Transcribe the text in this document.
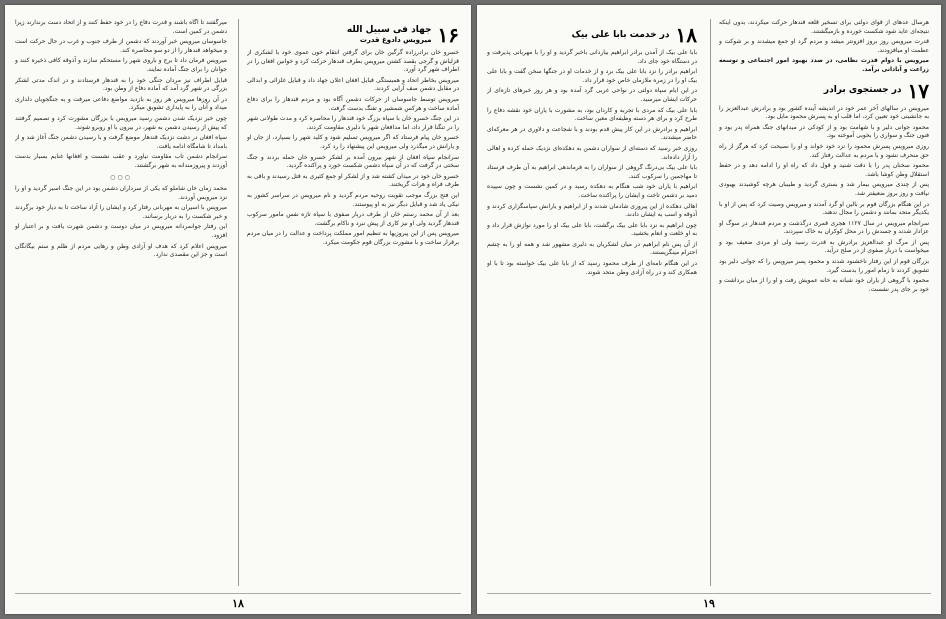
۱۶
جهاد فی سبیل الله
میرویس دادوغ قدرت

خسرو خان برادرزاده گرگین خان برای گرفتن انتقام خون عموی خود با لشکری از قزلباش و گرجی بقصد کشتن میرویس بطرف قندهار حرکت کرد و خوانین افغان را در اطراف شهر گرد آورد.

میرویس بخاطر اتحاد و همبستگی قبایل افغان اعلان جهاد داد و قبایل غلزائی و ابدالی در مقابل دشمن صف آرایی کردند.

میرویس توسط جاسوسان از حرکات دشمن آگاه بود و مردم قندهار را برای دفاع آماده ساخت و هرکس شمشیر و تفنگ بدست گرفت.

در این جنگ خسرو خان با سپاه بزرگ خود قندهار را محاصره کرد و مدت طولانی شهر را در تنگنا قرار داد، اما مدافعان شهر با دلیری مقاومت کردند.

خسرو خان پیام فرستاد که اگر میرویس تسلیم شود و کلید شهر را بسپارد، از جان او و یارانش در میگذرد ولی میرویس این پیشنهاد را رد کرد.

سرانجام سپاه افغان از شهر بیرون آمده بر لشکر خسرو خان حمله بردند و جنگ سختی در گرفت که در آن سپاه دشمن شکست خورد و پراکنده گردید.

خسرو خان خود در میدان کشته شد و از لشکر او جمع کثیری به قتل رسیدند و باقی به طرف فراه و هرات گریختند.

این فتح بزرگ موجب تقویت روحیه مردم گردید و نام میرویس در سراسر کشور به نیکی یاد شد و قبایل دیگر نیز به او پیوستند.

بعد از آن محمد رستم خان از طرف دربار صفوی با سپاه تازه نفس مامور سرکوب قندهار گردید ولی او نیز کاری از پیش نبرد و ناکام برگشت.

میرویس پس از این پیروزیها به تنظیم امور مملکت پرداخت و عدالت را در میان مردم برقرار ساخت و با مشورت بزرگان قوم حکومت میکرد.

میرگفتند تا آگاه باشند و قدرت دفاع را در خود حفظ کنند و از اتحاد دست برندارند زیرا دشمن در کمین است.

جاسوسان میرویس خبر آوردند که دشمن از طرف جنوب و غرب در حال حرکت است و میخواهد قندهار را از دو سو محاصره کند.

میرویس فرمان داد تا برج و باروی شهر را مستحکم سازند و آذوقه کافی ذخیره کنند و جوانان را برای جنگ آماده نمایند.

قبایل اطراف نیز مردان جنگی خود را به قندهار فرستادند و در اندک مدتی لشکر بزرگی در شهر گرد آمد که آماده دفاع از وطن بود.

در آن روزها میرویس هر روز به بازدید مواضع دفاعی میرفت و به جنگجویان دلداری میداد و آنان را به پایداری تشویق میکرد.

چون خبر نزدیک شدن دشمن رسید میرویس با بزرگان مشورت کرد و تصمیم گرفتند که پیش از رسیدن دشمن به شهر، در بیرون با او روبرو شوند.

سپاه افغان در دشت نزدیک قندهار موضع گرفت و با رسیدن دشمن جنگ آغاز شد و از بامداد تا شامگاه ادامه یافت.

سرانجام دشمن تاب مقاومت نیاورد و عقب نشست و افغانها غنایم بسیار بدست آوردند و پیروزمندانه به شهر برگشتند.

○○○

محمد زمان خان شاملو که یکی از سرداران دشمن بود در این جنگ اسیر گردید و او را نزد میرویس آوردند.

میرویس با اسیران به مهربانی رفتار کرد و ایشان را آزاد ساخت تا به دیار خود برگردند و خبر شکست را به دربار برسانند.

این رفتار جوانمردانه میرویس در میان دوست و دشمن شهرت یافت و بر اعتبار او افزود.

میرویس اعلام کرد که هدف او آزادی وطن و رهایی مردم از ظلم و ستم بیگانگان است و جز این مقصدی ندارد.

۱۸

هرسال عدهای از قوای دولتی برای تسخیر قلعه قندهار حرکت میکردند، بدون اینکه نتیجه‌ای عاید شود شکست خورده و بازمیگشتند.

قدرت میرویس روز بروز افزونتر میشد و مردم گرد او جمع میشدند و بر شوکت و عظمت او میافزودند.

میرویس با دوام قدرت نظامی، در صدد بهبود امور اجتماعی و توسعه زراعت و آبادانی برآمد.

۱۷
در جستجوی برادر

میرویس در سالهای آخر عمر خود در اندیشه آینده کشور بود و برادرش عبدالعزیز را به جانشینی خود تعیین کرد، اما قلب او به پسرش محمود مایل بود.

محمود جوانی دلیر و با شهامت بود و از کودکی در میدانهای جنگ همراه پدر بود و فنون جنگ و سواری را بخوبی آموخته بود.

روزی میرویس پسرش محمود را نزد خود خواند و او را نصیحت کرد که هرگز از راه حق منحرف نشود و با مردم به عدالت رفتار کند.

محمود سخنان پدر را با دقت شنید و قول داد که راه او را ادامه دهد و در حفظ استقلال وطن کوشا باشد.

پس از چندی میرویس بیمار شد و بستری گردید و طبیبان هرچه کوشیدند بهبودی نیافت و روز بروز ضعیفتر شد.

در این هنگام بزرگان قوم بر بالین او گرد آمدند و میرویس وصیت کرد که پس از او با یکدیگر متحد بمانند و دشمن را مجال ندهند.

سرانجام میرویس در سال ۱۱۲۷ هجری قمری درگذشت و مردم قندهار در سوگ او عزادار شدند و جسدش را در محل کوکران به خاک سپردند.

پس از مرگ او عبدالعزیز برادرش به قدرت رسید ولی او مردی ضعیف بود و میخواست با دربار صفوی از در صلح درآید.

بزرگان قوم از این رفتار ناخشنود شدند و محمود پسر میرویس را که جوانی دلیر بود تشویق کردند تا زمام امور را بدست گیرد.

محمود با گروهی از یاران خود شبانه به خانه عمویش رفت و او را از میان برداشت و خود بر جای پدر نشست.

۱۸
در خدمت بابا علی بیک

بابا علی بیک از آمدن برادر ابراهیم بیاردانی باخبر گردید و او را با مهربانی پذیرفت و در دستگاه خود جای داد.

ابراهیم برادر را نزد بابا علی بیک برد و از خدمات او در جنگها سخن گفت و بابا علی بیک او را در زمره ملازمان خاص خود قرار داد.

در این ایام سپاه دولتی در نواحی غربی گرد آمده بود و هر روز خبرهای تازه‌ای از حرکات ایشان میرسید.

بابا علی بیک که مردی با تجربه و کاردان بود، به مشورت با یاران خود نقشه دفاع را طرح کرد و برای هر دسته وظیفه‌ای معین ساخت.

ابراهیم و برادرش در این کار پیش قدم بودند و با شجاعت و دلاوری در هر معرکه‌ای حاضر میشدند.

روزی خبر رسید که دسته‌ای از سواران دشمن به دهکده‌ای نزدیک حمله کرده و اهالی را آزار داده‌اند.

بابا علی بیک بی‌درنگ گروهی از سواران را به فرماندهی ابراهیم به آن طرف فرستاد تا مهاجمین را سرکوب کنند.

ابراهیم با یاران خود شب هنگام به دهکده رسید و در کمین نشست و چون سپیده دمید بر دشمن تاخت و ایشان را پراکنده ساخت.

اهالی دهکده از این پیروزی شادمان شدند و از ابراهیم و یارانش سپاسگزاری کردند و آذوقه و اسب به ایشان دادند.

چون ابراهیم به نزد بابا علی بیک برگشت، بابا علی بیک او را مورد نوازش قرار داد و به او خلعت و انعام بخشید.

از آن پس نام ابراهیم در میان لشکریان به دلیری مشهور شد و همه او را به چشم احترام مینگریستند.

در این هنگام نامه‌ای از طرف محمود رسید که از بابا علی بیک خواسته بود تا با او همکاری کند و در راه آزادی وطن متحد شوند.

۱۹
